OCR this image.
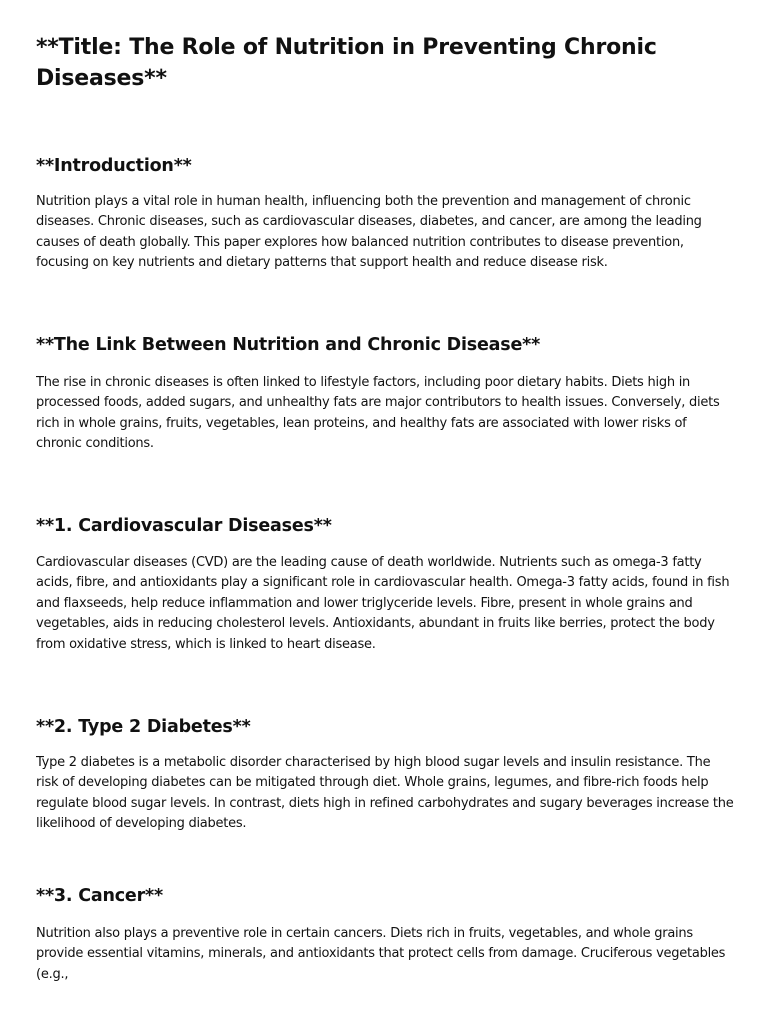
**Title: The Role of Nutrition in Preventing Chronic Diseases**
**Introduction**

Nutrition plays a vital role in human health, influencing both the prevention and management of chronic diseases. Chronic diseases, such as cardiovascular diseases, diabetes, and cancer, are among the leading causes of death globally. This paper explores how balanced nutrition contributes to disease prevention, focusing on key nutrients and dietary patterns that support health and reduce disease risk.

**The Link Between Nutrition and Chronic Disease**

The rise in chronic diseases is often linked to lifestyle factors, including poor dietary habits. Diets high in processed foods, added sugars, and unhealthy fats are major contributors to health issues. Conversely, diets rich in whole grains, fruits, vegetables, lean proteins, and healthy fats are associated with lower risks of chronic conditions.

**1. Cardiovascular Diseases**

Cardiovascular diseases (CVD) are the leading cause of death worldwide. Nutrients such as omega-3 fatty acids, fibre, and antioxidants play a significant role in cardiovascular health. Omega-3 fatty acids, found in fish and flaxseeds, help reduce inflammation and lower triglyceride levels. Fibre, present in whole grains and vegetables, aids in reducing cholesterol levels. Antioxidants, abundant in fruits like berries, protect the body from oxidative stress, which is linked to heart disease.

**2. Type 2 Diabetes**

Type 2 diabetes is a metabolic disorder characterised by high blood sugar levels and insulin resistance. The risk of developing diabetes can be mitigated through diet. Whole grains, legumes, and fibre-rich foods help regulate blood sugar levels. In contrast, diets high in refined carbohydrates and sugary beverages increase the likelihood of developing diabetes.

**3. Cancer**

Nutrition also plays a preventive role in certain cancers. Diets rich in fruits, vegetables, and whole grains provide essential vitamins, minerals, and antioxidants that protect cells from damage. Cruciferous vegetables (e.g.,
